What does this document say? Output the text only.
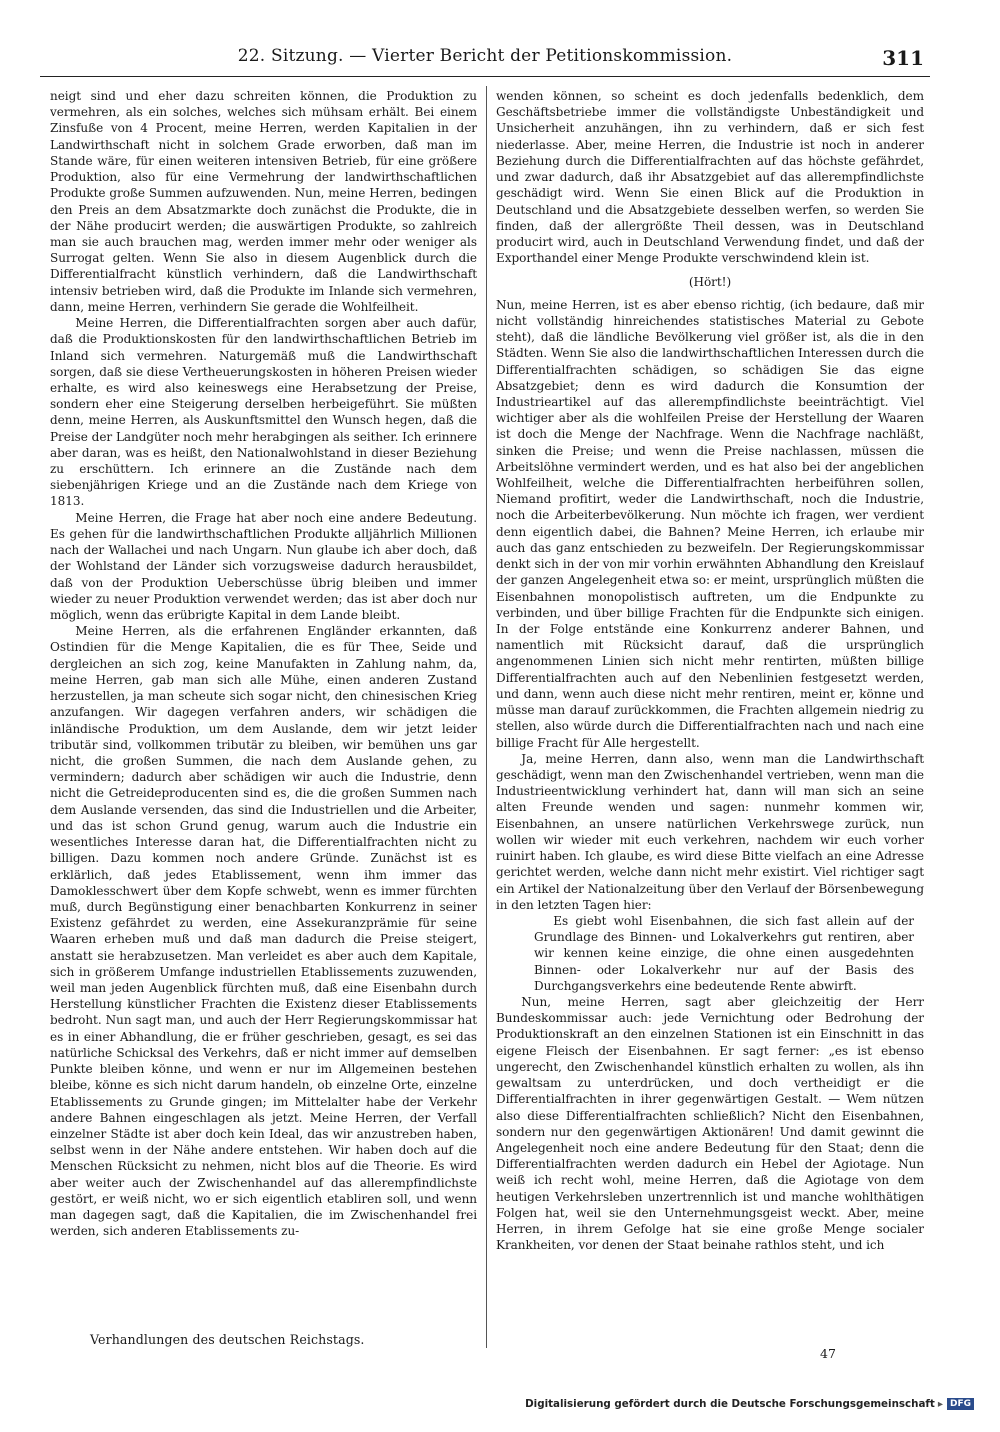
22. Sitzung. — Vierter Bericht der Petitionskommission.	311

neigt sind und eher dazu schreiten können, die Produktion zu vermehren, als ein solches, welches sich mühsam erhält. Bei einem Zinsfuße von 4 Procent, meine Herren, werden Kapitalien in der Landwirthschaft nicht in solchem Grade erworben, daß man im Stande wäre, für einen weiteren intensiven Betrieb, für eine größere Produktion, also für eine Vermehrung der landwirthschaftlichen Produkte große Summen aufzuwenden. Nun, meine Herren, bedingen den Preis an dem Absatzmarkte doch zunächst die Produkte, die in der Nähe producirt werden; die auswärtigen Produkte, so zahlreich man sie auch brauchen mag, werden immer mehr oder weniger als Surrogat gelten. Wenn Sie also in diesem Augenblick durch die Differentialfracht künstlich verhindern, daß die Landwirthschaft intensiv betrieben wird, daß die Produkte im Inlande sich vermehren, dann, meine Herren, verhindern Sie gerade die Wohlfeilheit.

Meine Herren, die Differentialfrachten sorgen aber auch dafür, daß die Produktionskosten für den landwirthschaftlichen Betrieb im Inland sich vermehren. Naturgemäß muß die Landwirthschaft sorgen, daß sie diese Vertheuerungskosten in höheren Preisen wieder erhalte, es wird also keineswegs eine Herabsetzung der Preise, sondern eher eine Steigerung derselben herbeigeführt. Sie müßten denn, meine Herren, als Auskunftsmittel den Wunsch hegen, daß die Preise der Landgüter noch mehr herabgingen als seither. Ich erinnere aber daran, was es heißt, den Nationalwohlstand in dieser Beziehung zu erschüttern. Ich erinnere an die Zustände nach dem siebenjährigen Kriege und an die Zustände nach dem Kriege von 1813.

Meine Herren, die Frage hat aber noch eine andere Bedeutung. Es gehen für die landwirthschaftlichen Produkte alljährlich Millionen nach der Wallachei und nach Ungarn. Nun glaube ich aber doch, daß der Wohlstand der Länder sich vorzugsweise dadurch herausbildet, daß von der Produktion Ueberschüsse übrig bleiben und immer wieder zu neuer Produktion verwendet werden; das ist aber doch nur möglich, wenn das erübrigte Kapital in dem Lande bleibt.

Meine Herren, als die erfahrenen Engländer erkannten, daß Ostindien für die Menge Kapitalien, die es für Thee, Seide und dergleichen an sich zog, keine Manufakten in Zahlung nahm, da, meine Herren, gab man sich alle Mühe, einen anderen Zustand herzustellen, ja man scheute sich sogar nicht, den chinesischen Krieg anzufangen. Wir dagegen verfahren anders, wir schädigen die inländische Produktion, um dem Auslande, dem wir jetzt leider tributär sind, vollkommen tributär zu bleiben, wir bemühen uns gar nicht, die großen Summen, die nach dem Auslande gehen, zu vermindern; dadurch aber schädigen wir auch die Industrie, denn nicht die Getreideproducenten sind es, die die großen Summen nach dem Auslande versenden, das sind die Industriellen und die Arbeiter, und das ist schon Grund genug, warum auch die Industrie ein wesentliches Interesse daran hat, die Differentialfrachten nicht zu billigen. Dazu kommen noch andere Gründe. Zunächst ist es erklärlich, daß jedes Etablissement, wenn ihm immer das Damoklesschwert über dem Kopfe schwebt, wenn es immer fürchten muß, durch Begünstigung einer benachbarten Konkurrenz in seiner Existenz gefährdet zu werden, eine Assekuranzprämie für seine Waaren erheben muß und daß man dadurch die Preise steigert, anstatt sie herabzusetzen. Man verleidet es aber auch dem Kapitale, sich in größerem Umfange industriellen Etablissements zuzuwenden, weil man jeden Augenblick fürchten muß, daß eine Eisenbahn durch Herstellung künstlicher Frachten die Existenz dieser Etablissements bedroht. Nun sagt man, und auch der Herr Regierungskommissar hat es in einer Abhandlung, die er früher geschrieben, gesagt, es sei das natürliche Schicksal des Verkehrs, daß er nicht immer auf demselben Punkte bleiben könne, und wenn er nur im Allgemeinen bestehen bleibe, könne es sich nicht darum handeln, ob einzelne Orte, einzelne Etablissements zu Grunde gingen; im Mittelalter habe der Verkehr andere Bahnen eingeschlagen als jetzt. Meine Herren, der Verfall einzelner Städte ist aber doch kein Ideal, das wir anzustreben haben, selbst wenn in der Nähe andere entstehen. Wir haben doch auf die Menschen Rücksicht zu nehmen, nicht blos auf die Theorie. Es wird aber weiter auch der Zwischenhandel auf das allerempfindlichste gestört, er weiß nicht, wo er sich eigentlich etabliren soll, und wenn man dagegen sagt, daß die Kapitalien, die im Zwischenhandel frei werden, sich anderen Etablissements zu-

wenden können, so scheint es doch jedenfalls bedenklich, dem Geschäftsbetriebe immer die vollständigste Unbeständigkeit und Unsicherheit anzuhängen, ihn zu verhindern, daß er sich fest niederlasse. Aber, meine Herren, die Industrie ist noch in anderer Beziehung durch die Differentialfrachten auf das höchste gefährdet, und zwar dadurch, daß ihr Absatzgebiet auf das allerempfindlichste geschädigt wird. Wenn Sie einen Blick auf die Produktion in Deutschland und die Absatzgebiete desselben werfen, so werden Sie finden, daß der allergrößte Theil dessen, was in Deutschland producirt wird, auch in Deutschland Verwendung findet, und daß der Exporthandel einer Menge Produkte verschwindend klein ist.

(Hört!)

Nun, meine Herren, ist es aber ebenso richtig, (ich bedaure, daß mir nicht vollständig hinreichendes statistisches Material zu Gebote steht), daß die ländliche Bevölkerung viel größer ist, als die in den Städten. Wenn Sie also die landwirthschaftlichen Interessen durch die Differentialfrachten schädigen, so schädigen Sie das eigne Absatzgebiet; denn es wird dadurch die Konsumtion der Industrieartikel auf das allerempfindlichste beeinträchtigt. Viel wichtiger aber als die wohlfeilen Preise der Herstellung der Waaren ist doch die Menge der Nachfrage. Wenn die Nachfrage nachläßt, sinken die Preise; und wenn die Preise nachlassen, müssen die Arbeitslöhne vermindert werden, und es hat also bei der angeblichen Wohlfeilheit, welche die Differentialfrachten herbeiführen sollen, Niemand profitirt, weder die Landwirthschaft, noch die Industrie, noch die Arbeiterbevölkerung. Nun möchte ich fragen, wer verdient denn eigentlich dabei, die Bahnen? Meine Herren, ich erlaube mir auch das ganz entschieden zu bezweifeln. Der Regierungskommissar denkt sich in der von mir vorhin erwähnten Abhandlung den Kreislauf der ganzen Angelegenheit etwa so: er meint, ursprünglich müßten die Eisenbahnen monopolistisch auftreten, um die Endpunkte zu verbinden, und über billige Frachten für die Endpunkte sich einigen. In der Folge entstände eine Konkurrenz anderer Bahnen, und namentlich mit Rücksicht darauf, daß die ursprünglich angenommenen Linien sich nicht mehr rentirten, müßten billige Differentialfrachten auch auf den Nebenlinien festgesetzt werden, und dann, wenn auch diese nicht mehr rentiren, meint er, könne und müsse man darauf zurückkommen, die Frachten allgemein niedrig zu stellen, also würde durch die Differentialfrachten nach und nach eine billige Fracht für Alle hergestellt.

Ja, meine Herren, dann also, wenn man die Landwirthschaft geschädigt, wenn man den Zwischenhandel vertrieben, wenn man die Industrieentwicklung verhindert hat, dann will man sich an seine alten Freunde wenden und sagen: nunmehr kommen wir, Eisenbahnen, an unsere natürlichen Verkehrswege zurück, nun wollen wir wieder mit euch verkehren, nachdem wir euch vorher ruinirt haben. Ich glaube, es wird diese Bitte vielfach an eine Adresse gerichtet werden, welche dann nicht mehr existirt. Viel richtiger sagt ein Artikel der Nationalzeitung über den Verlauf der Börsenbewegung in den letzten Tagen hier:

Es giebt wohl Eisenbahnen, die sich fast allein auf der Grundlage des Binnen- und Lokalverkehrs gut rentiren, aber wir kennen keine einzige, die ohne einen ausgedehnten Binnen- oder Lokalverkehr nur auf der Basis des Durchgangsverkehrs eine bedeutende Rente abwirft.

Nun, meine Herren, sagt aber gleichzeitig der Herr Bundeskommissar auch: jede Vernichtung oder Bedrohung der Produktionskraft an den einzelnen Stationen ist ein Einschnitt in das eigene Fleisch der Eisenbahnen. Er sagt ferner: „es ist ebenso ungerecht, den Zwischenhandel künstlich erhalten zu wollen, als ihn gewaltsam zu unterdrücken, und doch vertheidigt er die Differentialfrachten in ihrer gegenwärtigen Gestalt. — Wem nützen also diese Differentialfrachten schließlich? Nicht den Eisenbahnen, sondern nur den gegenwärtigen Aktionären! Und damit gewinnt die Angelegenheit noch eine andere Bedeutung für den Staat; denn die Differentialfrachten werden dadurch ein Hebel der Agiotage. Nun weiß ich recht wohl, meine Herren, daß die Agiotage von dem heutigen Verkehrsleben unzertrennlich ist und manche wohlthätigen Folgen hat, weil sie den Unternehmungsgeist weckt. Aber, meine Herren, in ihrem Gefolge hat sie eine große Menge socialer Krankheiten, vor denen der Staat beinahe rathlos steht, und ich

Verhandlungen des deutschen Reichstags.
47
Digitalisierung gefördert durch die Deutsche Forschungsgemeinschaft ▸ DFG
